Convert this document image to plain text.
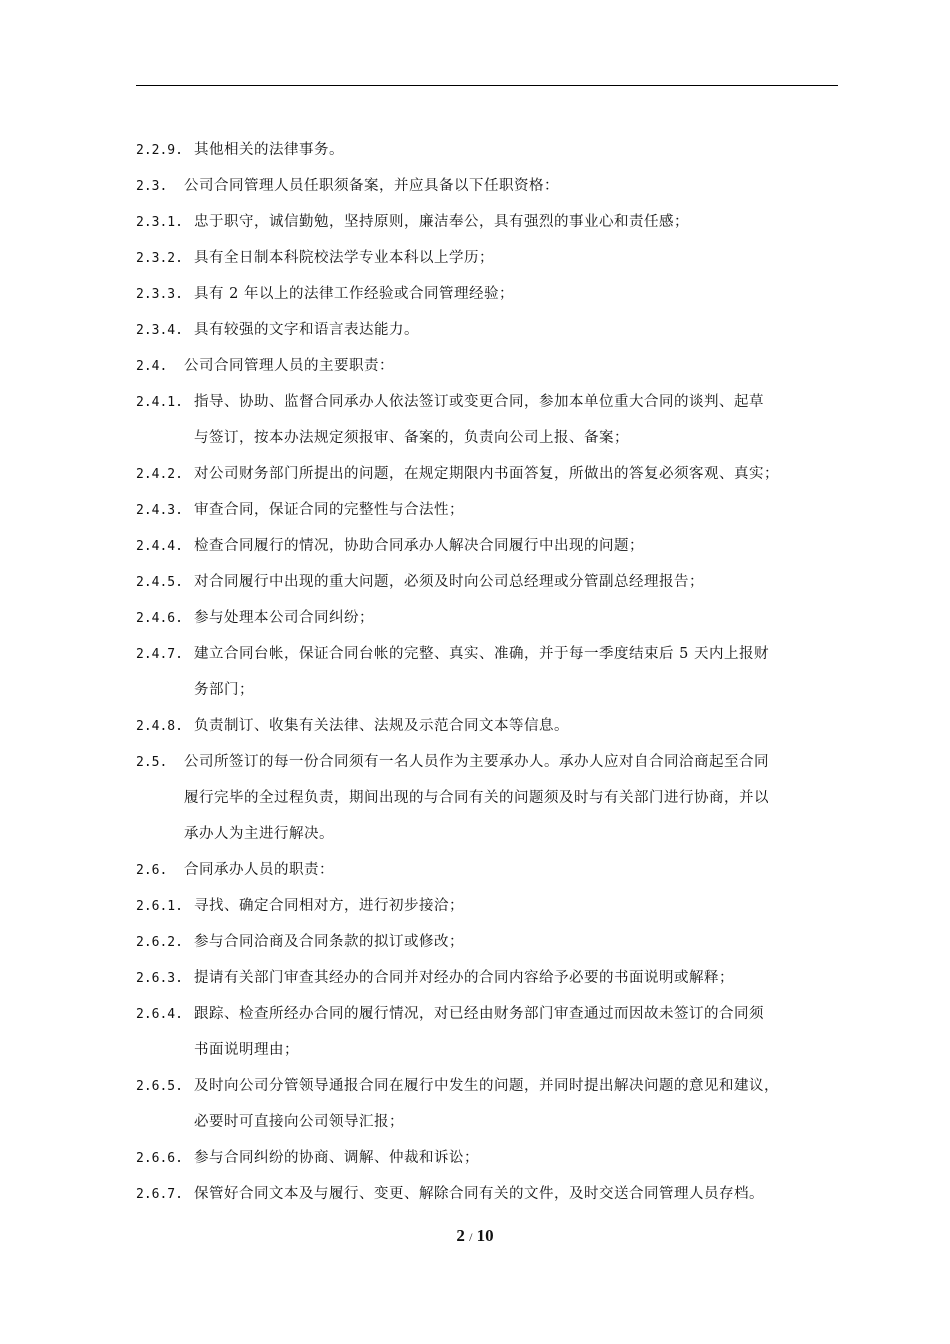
2.2.9. 其他相关的法律事务。
2.3. 公司合同管理人员任职须备案，并应具备以下任职资格：
2.3.1. 忠于职守，诚信勤勉，坚持原则，廉洁奉公，具有强烈的事业心和责任感；
2.3.2. 具有全日制本科院校法学专业本科以上学历；
2.3.3. 具有 2 年以上的法律工作经验或合同管理经验；
2.3.4. 具有较强的文字和语言表达能力。
2.4. 公司合同管理人员的主要职责：
2.4.1. 指导、协助、监督合同承办人依法签订或变更合同，参加本单位重大合同的谈判、起草
与签订，按本办法规定须报审、备案的，负责向公司上报、备案；
2.4.2. 对公司财务部门所提出的问题，在规定期限内书面答复，所做出的答复必须客观、真实；
2.4.3. 审查合同，保证合同的完整性与合法性；
2.4.4. 检查合同履行的情况，协助合同承办人解决合同履行中出现的问题；
2.4.5. 对合同履行中出现的重大问题，必须及时向公司总经理或分管副总经理报告；
2.4.6. 参与处理本公司合同纠纷；
2.4.7. 建立合同台帐，保证合同台帐的完整、真实、准确，并于每一季度结束后 5 天内上报财
务部门；
2.4.8. 负责制订、收集有关法律、法规及示范合同文本等信息。
2.5. 公司所签订的每一份合同须有一名人员作为主要承办人。承办人应对自合同洽商起至合同
履行完毕的全过程负责，期间出现的与合同有关的问题须及时与有关部门进行协商，并以
承办人为主进行解决。
2.6. 合同承办人员的职责：
2.6.1. 寻找、确定合同相对方，进行初步接洽；
2.6.2. 参与合同洽商及合同条款的拟订或修改；
2.6.3. 提请有关部门审查其经办的合同并对经办的合同内容给予必要的书面说明或解释；
2.6.4. 跟踪、检查所经办合同的履行情况，对已经由财务部门审查通过而因故未签订的合同须
书面说明理由；
2.6.5. 及时向公司分管领导通报合同在履行中发生的问题，并同时提出解决问题的意见和建议，
必要时可直接向公司领导汇报；
2.6.6. 参与合同纠纷的协商、调解、仲裁和诉讼；
2.6.7. 保管好合同文本及与履行、变更、解除合同有关的文件，及时交送合同管理人员存档。
2 / 10
